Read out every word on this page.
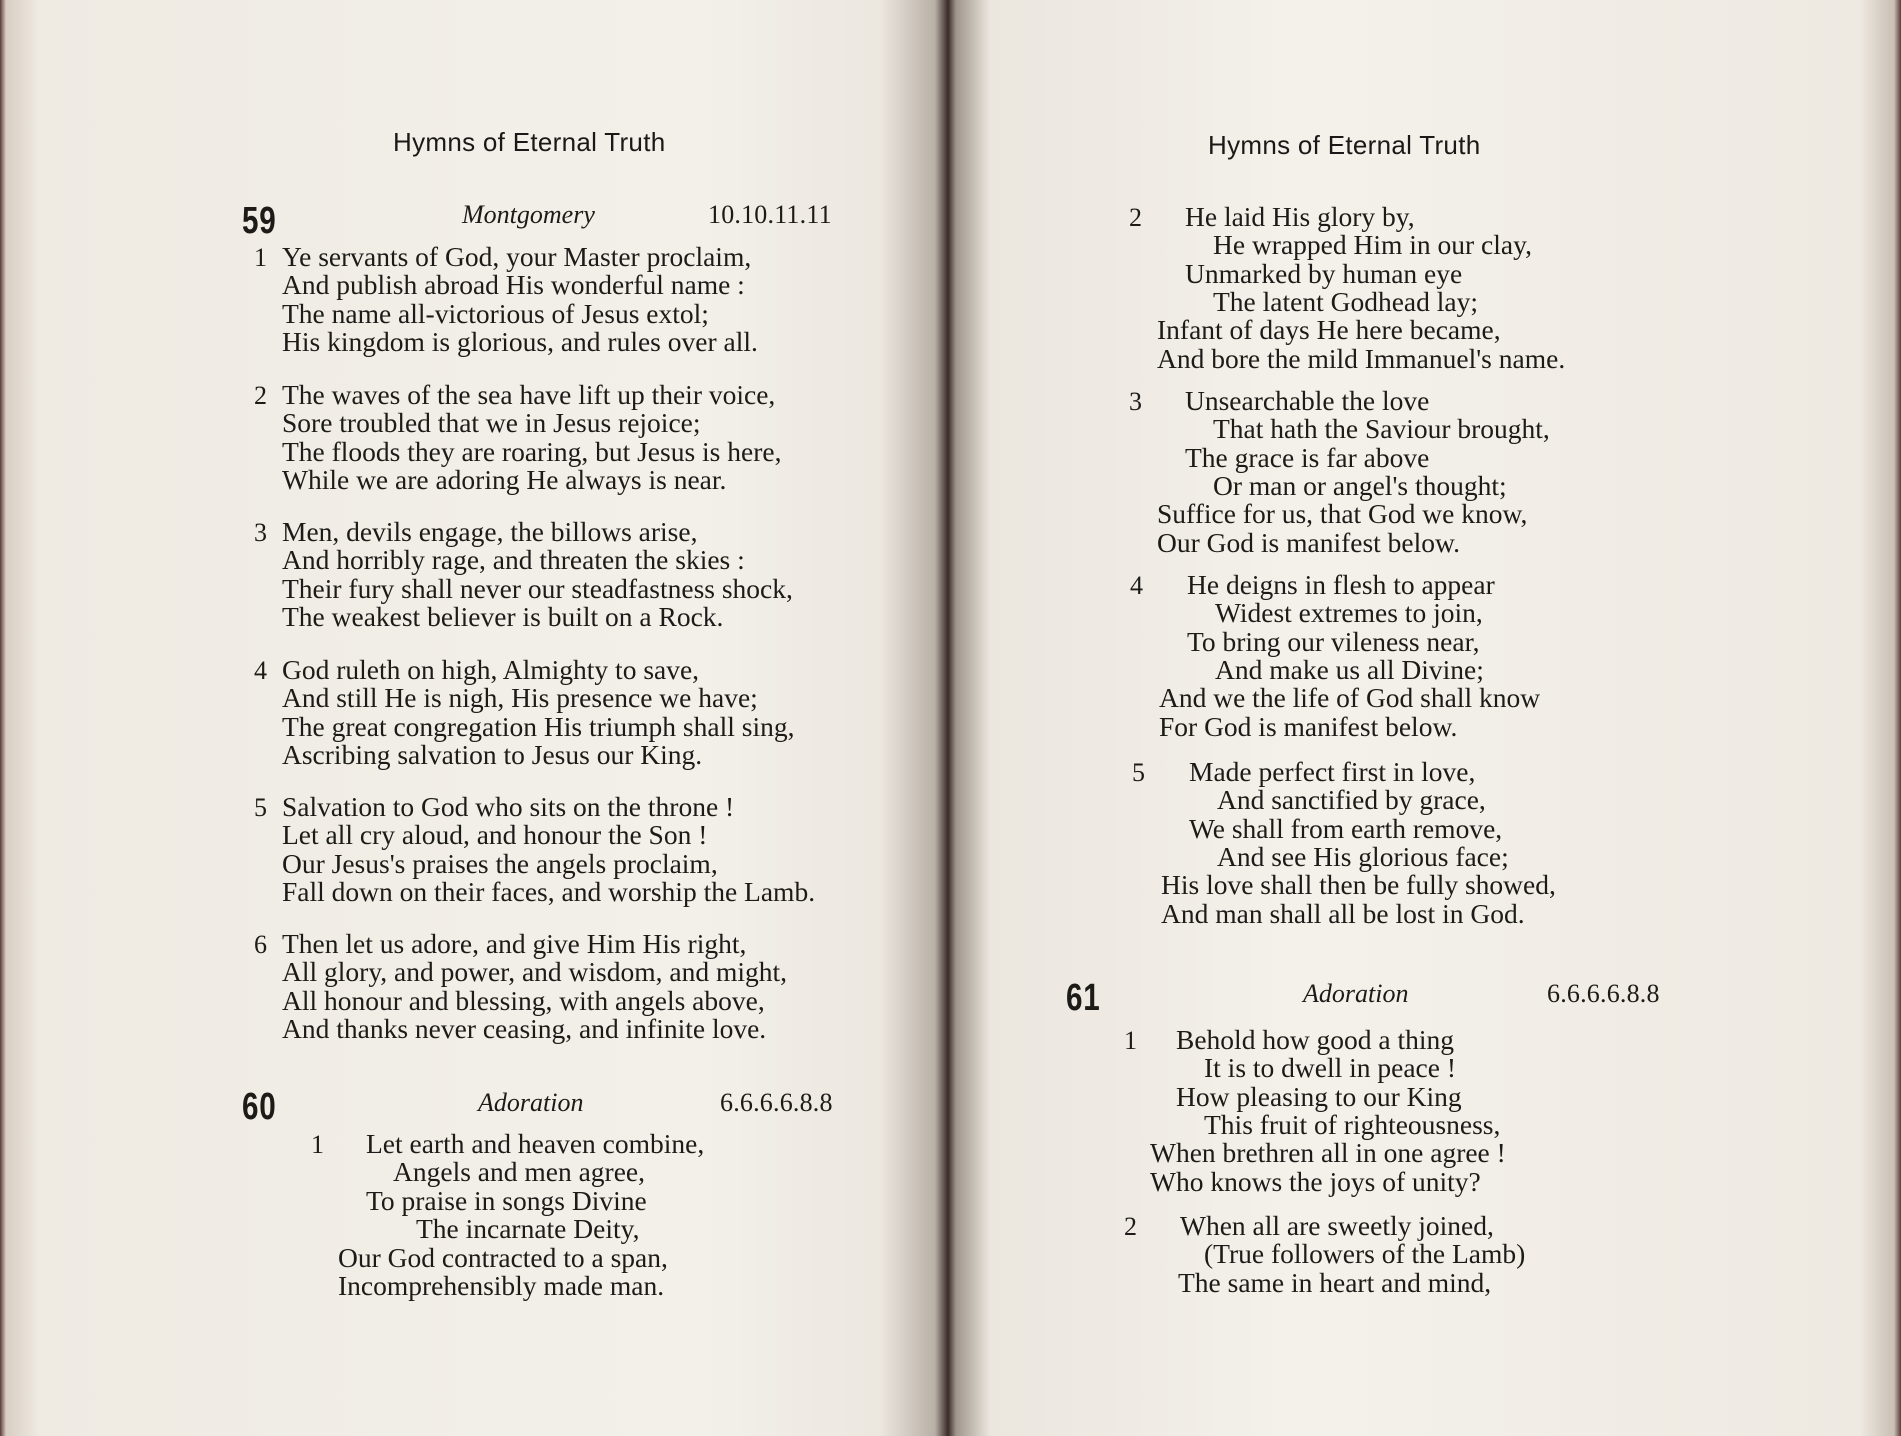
Hymns of Eternal Truth
59	Montgomery	10.10.11.11
1 Ye servants of God, your Master proclaim,
And publish abroad His wonderful name :
The name all-victorious of Jesus extol;
His kingdom is glorious, and rules over all.
2 The waves of the sea have lift up their voice,
Sore troubled that we in Jesus rejoice;
The floods they are roaring, but Jesus is here,
While we are adoring He always is near.
3 Men, devils engage, the billows arise,
And horribly rage, and threaten the skies :
Their fury shall never our steadfastness shock,
The weakest believer is built on a Rock.
4 God ruleth on high, Almighty to save,
And still He is nigh, His presence we have;
The great congregation His triumph shall sing,
Ascribing salvation to Jesus our King.
5 Salvation to God who sits on the throne !
Let all cry aloud, and honour the Son !
Our Jesus's praises the angels proclaim,
Fall down on their faces, and worship the Lamb.
6 Then let us adore, and give Him His right,
All glory, and power, and wisdom, and might,
All honour and blessing, with angels above,
And thanks never ceasing, and infinite love.
60	Adoration	6.6.6.6.8.8
1 Let earth and heaven combine,
Angels and men agree,
To praise in songs Divine
The incarnate Deity,
Our God contracted to a span,
Incomprehensibly made man.
Hymns of Eternal Truth
2 He laid His glory by,
He wrapped Him in our clay,
Unmarked by human eye
The latent Godhead lay;
Infant of days He here became,
And bore the mild Immanuel's name.
3 Unsearchable the love
That hath the Saviour brought,
The grace is far above
Or man or angel's thought;
Suffice for us, that God we know,
Our God is manifest below.
4 He deigns in flesh to appear
Widest extremes to join,
To bring our vileness near,
And make us all Divine;
And we the life of God shall know
For God is manifest below.
5 Made perfect first in love,
And sanctified by grace,
We shall from earth remove,
And see His glorious face;
His love shall then be fully showed,
And man shall all be lost in God.
61	Adoration	6.6.6.6.8.8
1 Behold how good a thing
It is to dwell in peace !
How pleasing to our King
This fruit of righteousness,
When brethren all in one agree !
Who knows the joys of unity?
2 When all are sweetly joined,
(True followers of the Lamb)
The same in heart and mind,
